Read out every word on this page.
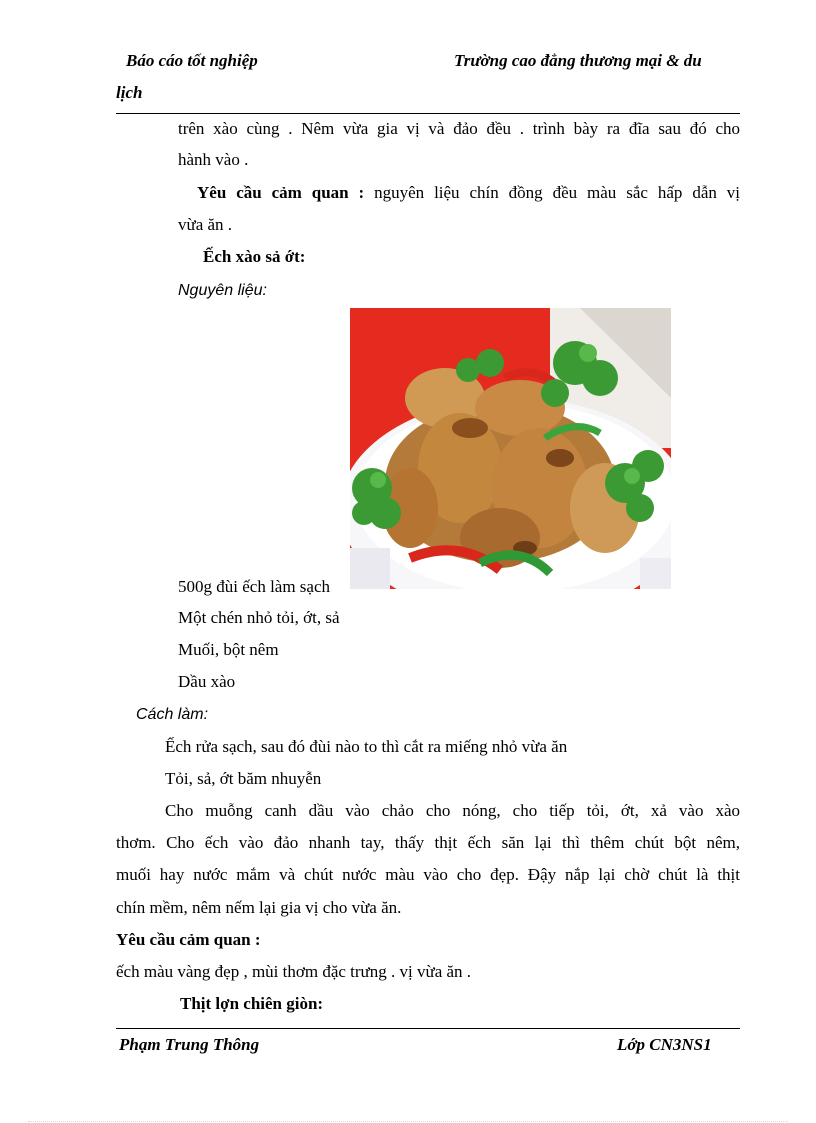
Báo cáo tốt nghiệp	Trường cao đẳng thương mại & du
lịch
trên xào cùng . Nêm vừa gia vị và đảo đều . trình bày ra đĩa sau đó cho
hành vào .
Yêu cầu cảm quan : nguyên liệu chín đồng đều màu sắc hấp dẫn vị
vừa ăn .
Ếch xào sả ớt:
Nguyên liệu:
500g đùi ếch làm sạch
Một chén nhỏ tỏi, ớt, sả
Muối, bột nêm
Dầu xào
Cách làm:
Ếch rửa sạch, sau đó đùi nào to thì cắt ra miếng nhỏ vừa ăn
Tỏi, sả, ớt băm nhuyễn
Cho muỗng canh dầu vào chảo cho nóng, cho tiếp tỏi, ớt, xả vào xào
thơm. Cho ếch vào đảo nhanh tay, thấy thịt ếch săn lại thì thêm chút bột nêm,
muối hay nước mắm và chút nước màu vào cho đẹp. Đậy nắp lại chờ chút là thịt
chín mềm, nêm nếm lại gia vị cho vừa ăn.
Yêu cầu cảm quan :
ếch màu vàng đẹp , mùi thơm đặc trưng . vị vừa ăn .
Thịt lợn chiên giòn:
Phạm Trung Thông	Lớp CN3NS1
